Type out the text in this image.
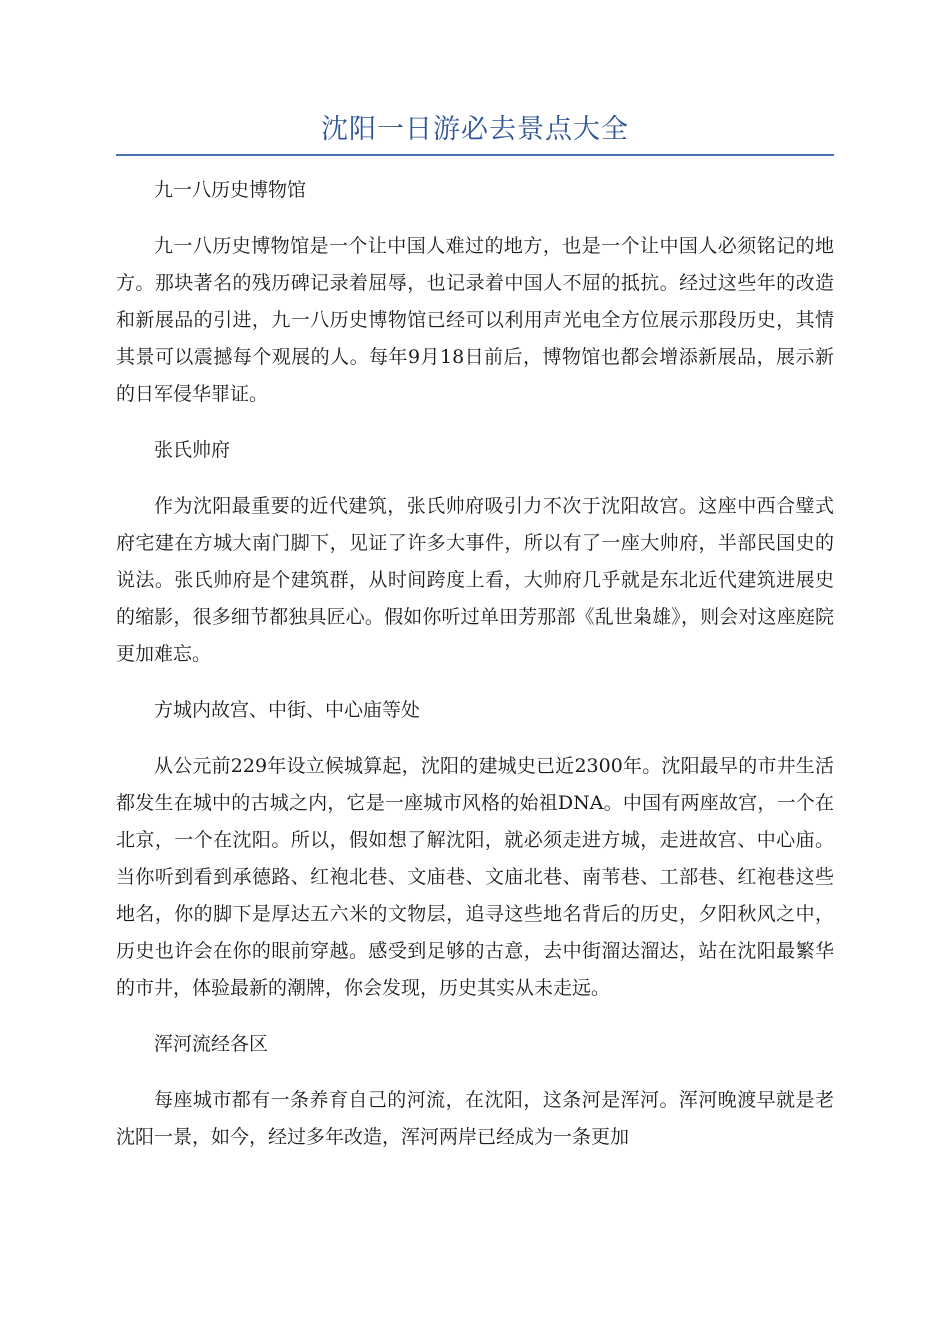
沈阳一日游必去景点大全

九一八历史博物馆

九一八历史博物馆是一个让中国人难过的地方，也是一个让中国人必须铭记的地方。那块著名的残历碑记录着屈辱，也记录着中国人不屈的抵抗。经过这些年的改造和新展品的引进，九一八历史博物馆已经可以利用声光电全方位展示那段历史，其情其景可以震撼每个观展的人。每年9月18日前后，博物馆也都会增添新展品，展示新的日军侵华罪证。

张氏帅府

作为沈阳最重要的近代建筑，张氏帅府吸引力不次于沈阳故宫。这座中西合璧式府宅建在方城大南门脚下，见证了许多大事件，所以有了一座大帅府，半部民国史的说法。张氏帅府是个建筑群，从时间跨度上看，大帅府几乎就是东北近代建筑进展史的缩影，很多细节都独具匠心。假如你听过单田芳那部《乱世枭雄》，则会对这座庭院更加难忘。

方城内故宫、中街、中心庙等处

从公元前229年设立候城算起，沈阳的建城史已近2300年。沈阳最早的市井生活都发生在城中的古城之内，它是一座城市风格的始祖DNA。中国有两座故宫，一个在北京，一个在沈阳。所以，假如想了解沈阳，就必须走进方城，走进故宫、中心庙。当你听到看到承德路、红袍北巷、文庙巷、文庙北巷、南苇巷、工部巷、红袍巷这些地名，你的脚下是厚达五六米的文物层，追寻这些地名背后的历史，夕阳秋风之中，历史也许会在你的眼前穿越。感受到足够的古意，去中街溜达溜达，站在沈阳最繁华的市井，体验最新的潮牌，你会发现，历史其实从未走远。

浑河流经各区

每座城市都有一条养育自己的河流，在沈阳，这条河是浑河。浑河晚渡早就是老沈阳一景，如今，经过多年改造，浑河两岸已经成为一条更加
